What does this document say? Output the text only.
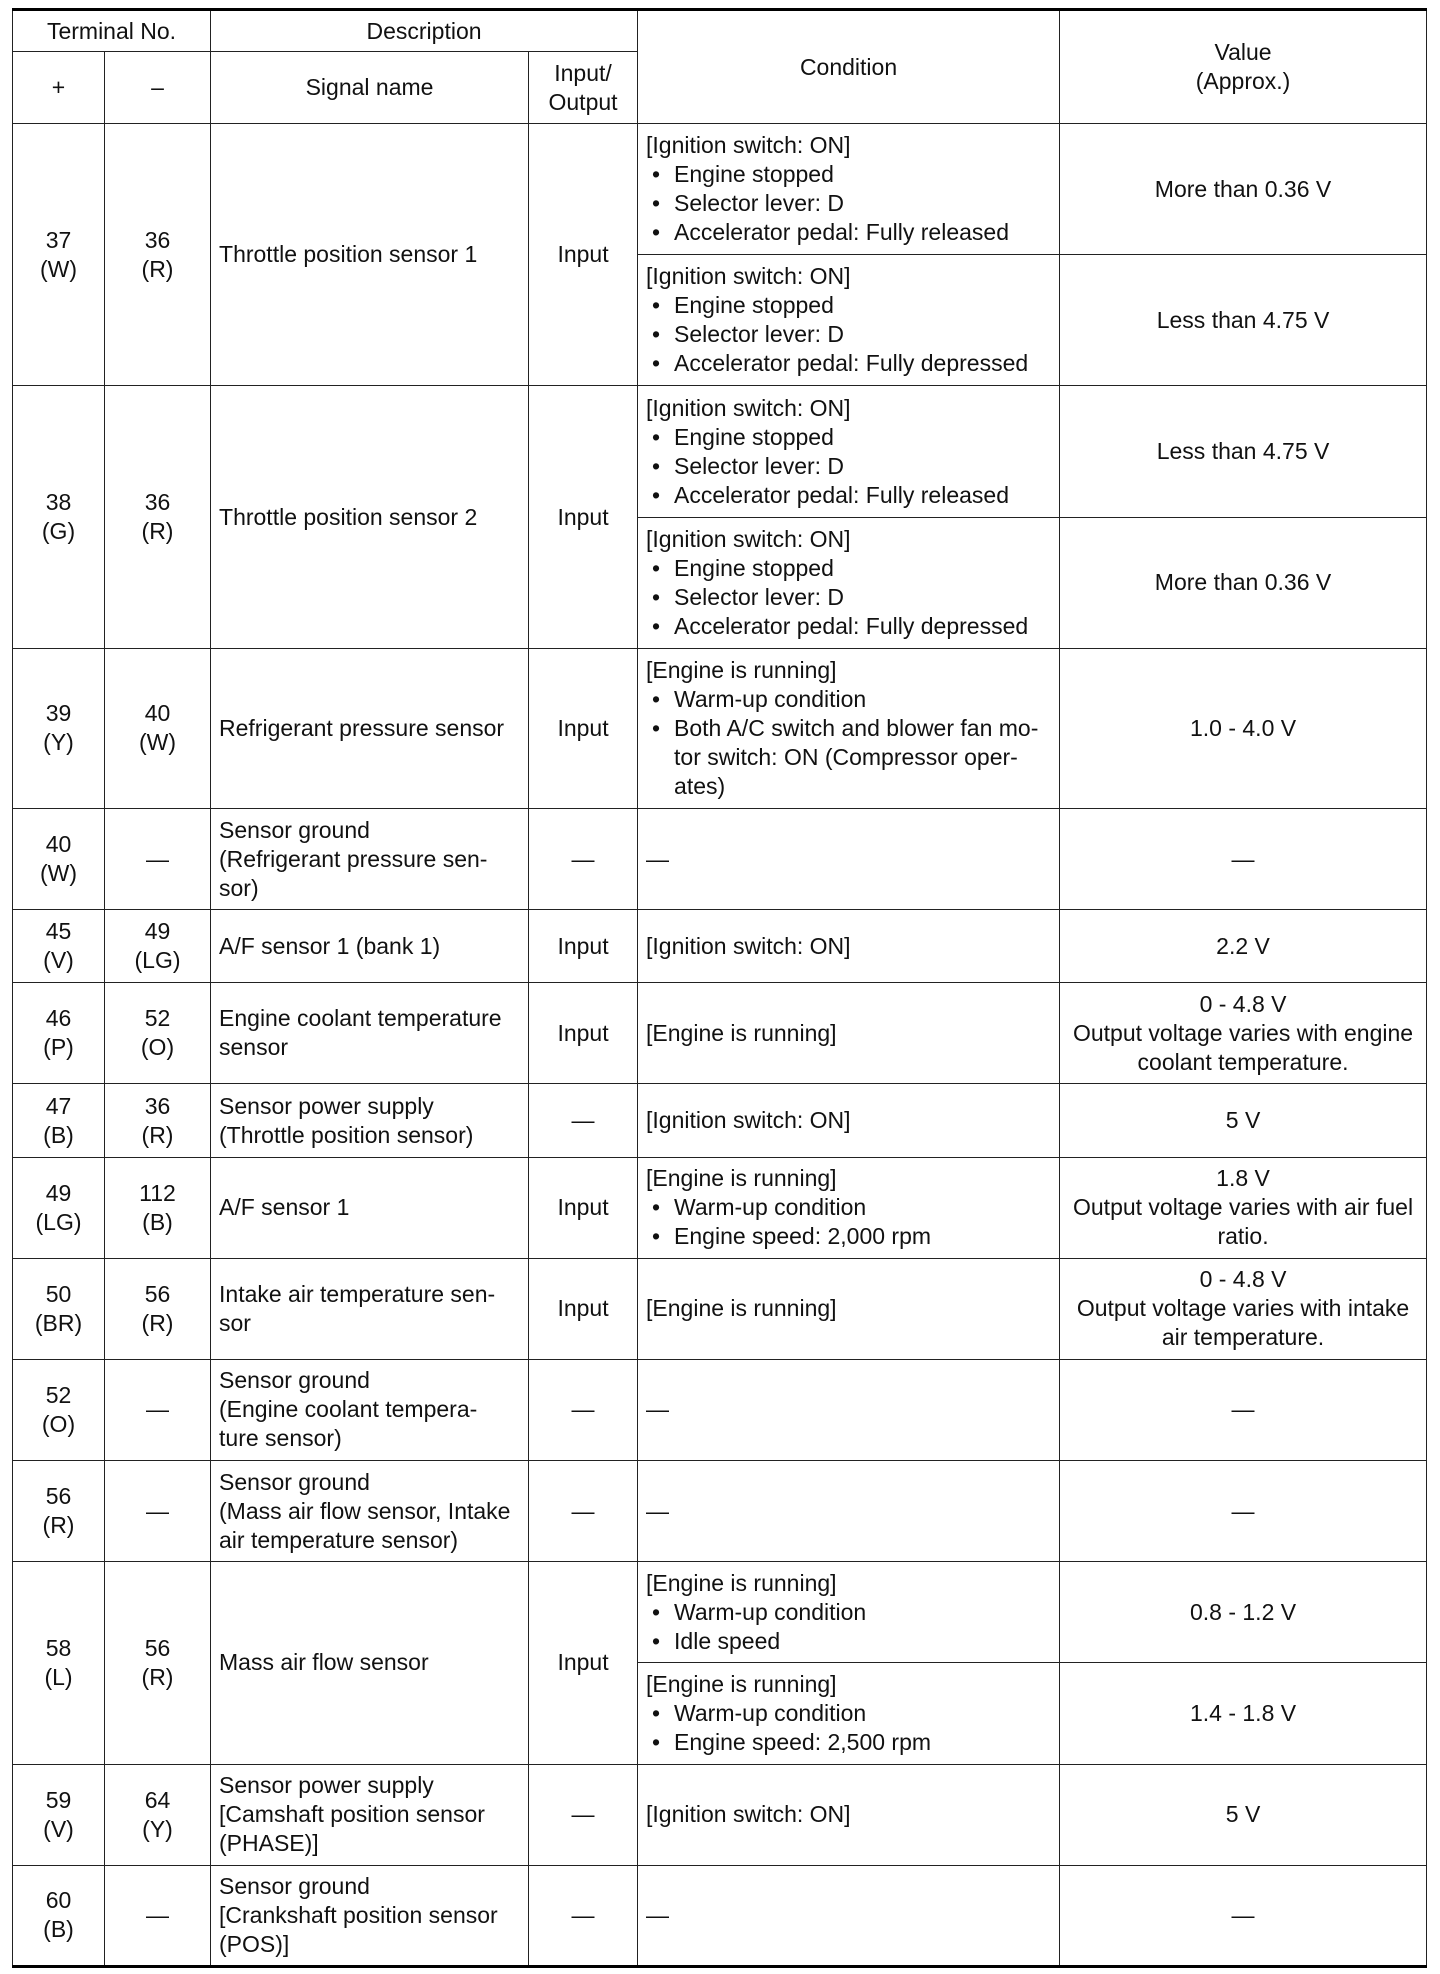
Terminal No.		Description		Condition	Value
(Approx.)

+	–	Signal name	Input/
Output		

37
(W)	36
(R)	Throttle position sensor 1	Input	[Ignition switch: ON]
• Engine stopped
• Selector lever: D
• Accelerator pedal: Fully released	More than 0.36 V

				[Ignition switch: ON]
• Engine stopped
• Selector lever: D
• Accelerator pedal: Fully depressed	Less than 4.75 V

38
(G)	36
(R)	Throttle position sensor 2	Input	[Ignition switch: ON]
• Engine stopped
• Selector lever: D
• Accelerator pedal: Fully released	Less than 4.75 V

				[Ignition switch: ON]
• Engine stopped
• Selector lever: D
• Accelerator pedal: Fully depressed	More than 0.36 V

39
(Y)	40
(W)	Refrigerant pressure sensor	Input	[Engine is running]
• Warm-up condition
• Both A/C switch and blower fan mo-
tor switch: ON (Compressor oper-
ates)	1.0 - 4.0 V

40
(W)	—	Sensor ground
(Refrigerant pressure sen-
sor)	—	—	—

45
(V)	49
(LG)	A/F sensor 1 (bank 1)	Input	[Ignition switch: ON]	2.2 V

46
(P)	52
(O)	Engine coolant temperature
sensor	Input	[Engine is running]	0 - 4.8 V
Output voltage varies with engine
coolant temperature.

47
(B)	36
(R)	Sensor power supply
(Throttle position sensor)	—	[Ignition switch: ON]	5 V

49
(LG)	112
(B)	A/F sensor 1	Input	[Engine is running]
• Warm-up condition
• Engine speed: 2,000 rpm	1.8 V
Output voltage varies with air fuel
ratio.

50
(BR)	56
(R)	Intake air temperature sen-
sor	Input	[Engine is running]	0 - 4.8 V
Output voltage varies with intake
air temperature.

52
(O)	—	Sensor ground
(Engine coolant tempera-
ture sensor)	—	—	—

56
(R)	—	Sensor ground
(Mass air flow sensor, Intake
air temperature sensor)	—	—	—

58
(L)	56
(R)	Mass air flow sensor	Input	[Engine is running]
• Warm-up condition
• Idle speed	0.8 - 1.2 V

				[Engine is running]
• Warm-up condition
• Engine speed: 2,500 rpm	1.4 - 1.8 V

59
(V)	64
(Y)	Sensor power supply
[Camshaft position sensor
(PHASE)]	—	[Ignition switch: ON]	5 V

60
(B)	—	Sensor ground
[Crankshaft position sensor
(POS)]	—	—	—
